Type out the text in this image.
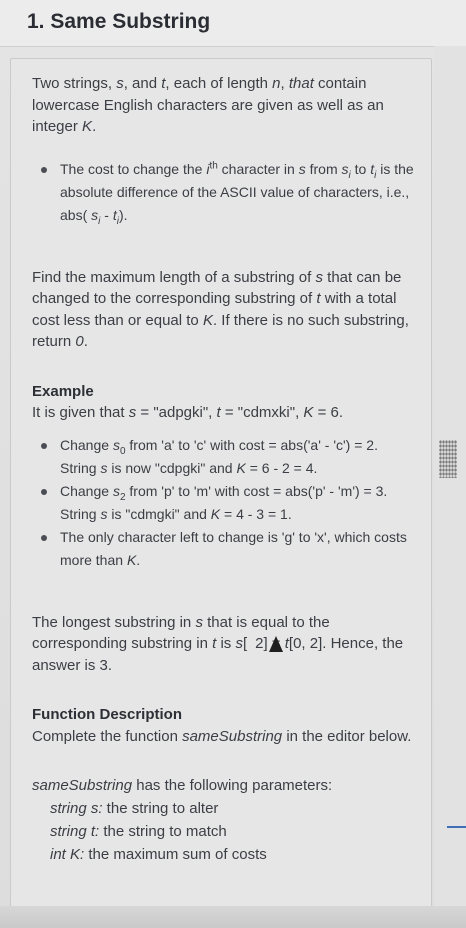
1. Same Substring

Two strings, s, and t, each of length n, that contain lowercase English characters are given as well as an integer K.

The cost to change the $i^{th}$ character in s from $s_i$ to $t_i$ is the absolute difference of the ASCII value of characters, i.e., abs( $s_i - t_i$).

Find the maximum length of a substring of s that can be changed to the corresponding substring of t with a total cost less than or equal to K. If there is no such substring, return 0.

Example

It is given that s = "adpgki", t = "cdmxki", K = 6.

Change $s_0$ from 'a' to 'c' with cost = abs('a' - 'c') = 2. String s is now "cdpgki" and K = 6 - 2 = 4.
Change $s_2$ from 'p' to 'm' with cost = abs('p' - 'm') = 3. String s is "cdmgki" and K = 4 - 3 = 1.
The only character left to change is 'g' to 'x', which costs more than K.

The longest substring in s that is equal to the corresponding substring in t is s[ 2] = t[0, 2]. Hence, the answer is 3.

Function Description

Complete the function sameSubstring in the editor below.

sameSubstring has the following parameters:

string s: the string to alter
string t: the string to match
int K: the maximum sum of costs
